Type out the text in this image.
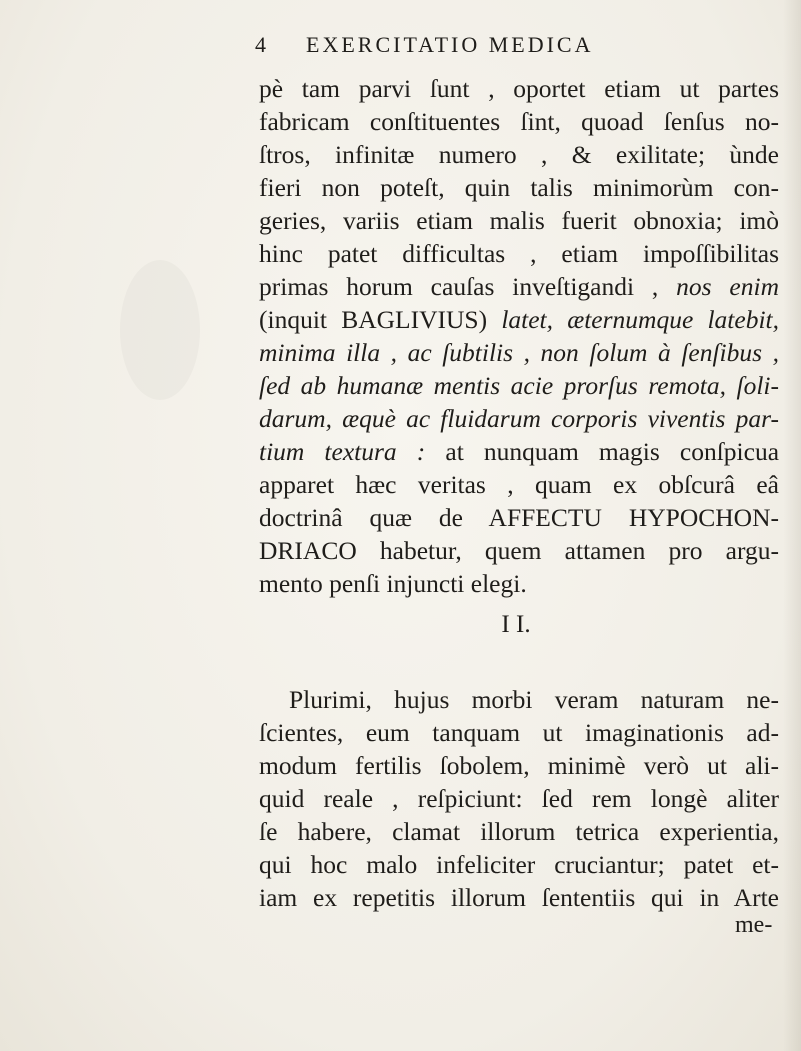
4 EXERCITATIO MEDICA
pè tam parvi ſunt , oportet etiam ut partes
fabricam conſtituentes ſint, quoad ſenſus no-
ſtros, infinitæ numero , & exilitate; ùnde
fieri non poteſt, quin talis minimorùm con-
geries, variis etiam malis fuerit obnoxia; imò
hinc patet difficultas , etiam impoſſibilitas
primas horum cauſas inveſtigandi , nos enim
(inquit BAGLIVIUS) latet, æternumque latebit,
minima illa , ac ſubtilis , non ſolum à ſenſibus ,
ſed ab humanæ mentis acie prorſus remota, ſoli-
darum, æquè ac fluidarum corporis viventis par-
tium textura : at nunquam magis conſpicua
apparet hæc veritas , quam ex obſcurâ eâ
doctrinâ quæ de AFFECTU HYPOCHON-
DRIACO habetur, quem attamen pro argu-
mento penſi injuncti elegi.
I I.
Plurimi, hujus morbi veram naturam ne-
ſcientes, eum tanquam ut imaginationis ad-
modum fertilis ſobolem, minimè verò ut ali-
quid reale , reſpiciunt: ſed rem longè aliter
ſe habere, clamat illorum tetrica experientia,
qui hoc malo infeliciter cruciantur; patet et-
iam ex repetitis illorum ſententiis qui in Arte
me-
